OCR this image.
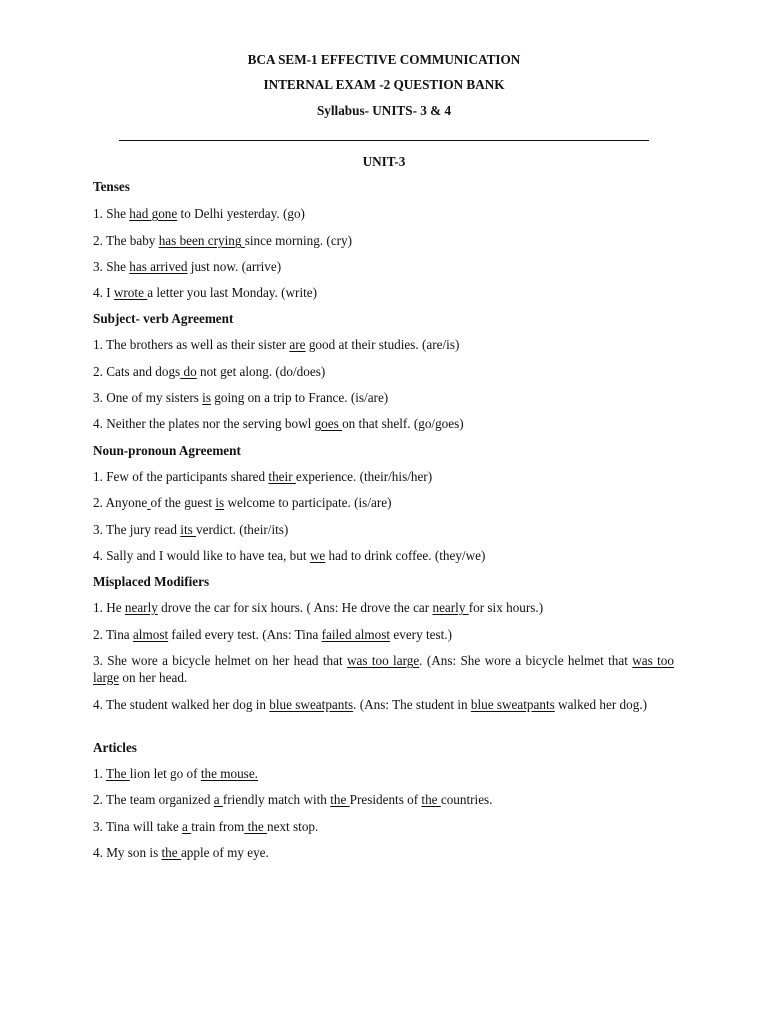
BCA SEM-1 EFFECTIVE COMMUNICATION
INTERNAL EXAM -2 QUESTION BANK
Syllabus- UNITS- 3 & 4
UNIT-3
Tenses
1. She had gone to Delhi yesterday. (go)
2. The baby has been crying since morning. (cry)
3. She has arrived just now. (arrive)
4. I wrote a letter you last Monday. (write)
Subject- verb Agreement
1. The brothers as well as their sister are good at their studies. (are/is)
2. Cats and dogs do not get along. (do/does)
3. One of my sisters is going on a trip to France. (is/are)
4. Neither the plates nor the serving bowl goes on that shelf. (go/goes)
Noun-pronoun Agreement
1. Few of the participants shared their experience. (their/his/her)
2. Anyone of the guest is welcome to participate. (is/are)
3. The jury read its verdict. (their/its)
4. Sally and I would like to have tea, but we had to drink coffee. (they/we)
Misplaced Modifiers
1. He nearly drove the car for six hours. ( Ans: He drove the car nearly for six hours.)
2. Tina almost failed every test. (Ans: Tina failed almost every test.)
3. She wore a bicycle helmet on her head that was too large. (Ans: She wore a bicycle helmet that was too large on her head.
4. The student walked her dog in blue sweatpants. (Ans: The student in blue sweatpants walked her dog.)
Articles
1. The lion let go of the mouse.
2. The team organized a friendly match with the Presidents of the countries.
3. Tina will take a train from the next stop.
4. My son is the apple of my eye.
